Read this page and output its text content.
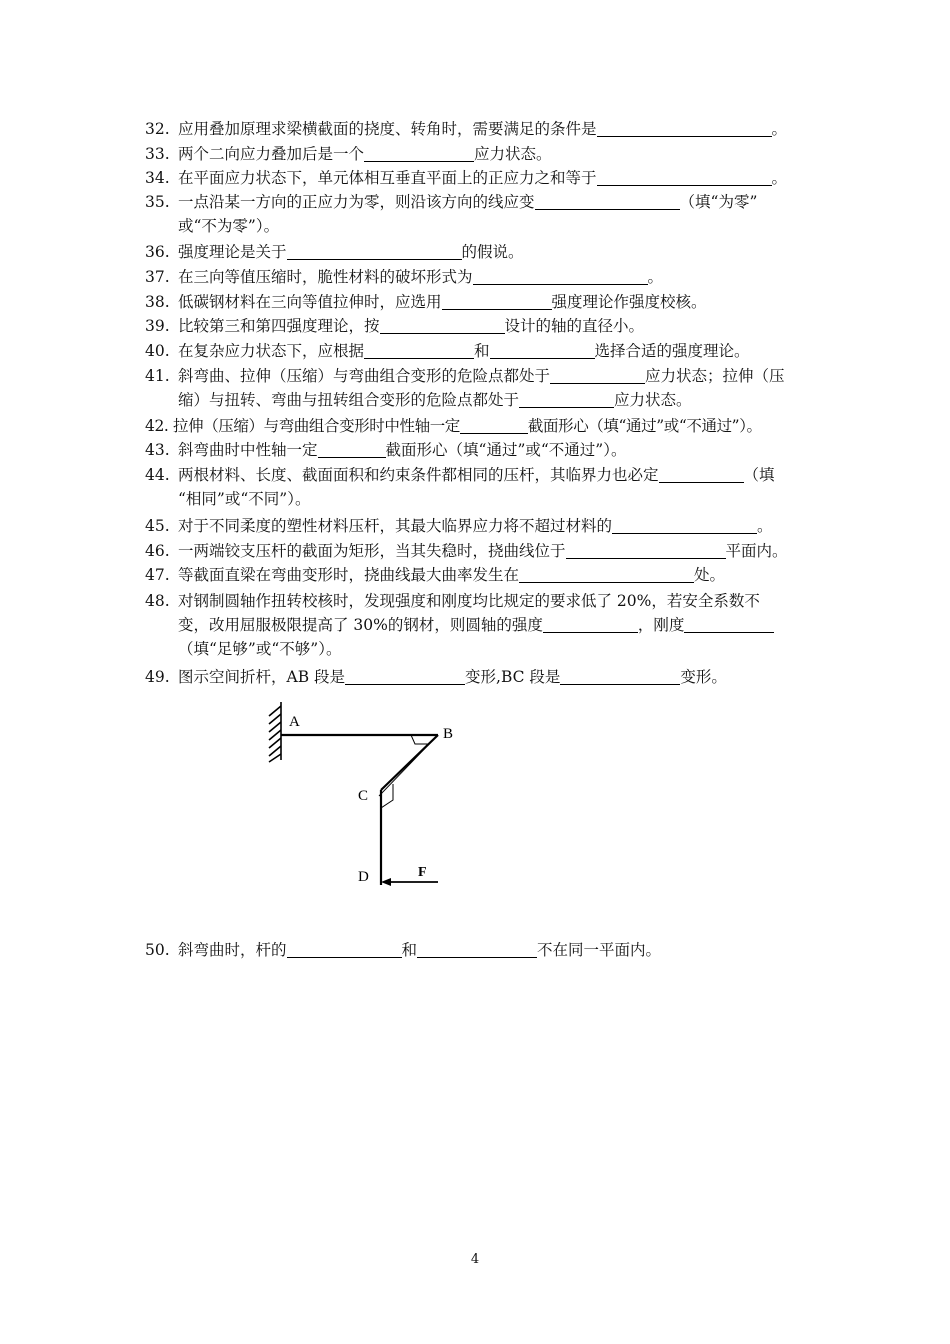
32. 应用叠加原理求梁横截面的挠度、转角时，需要满足的条件是	。
33. 两个二向应力叠加后是一个	应力状态。
34. 在平面应力状态下，单元体相互垂直平面上的正应力之和等于	。
35. 一点沿某一方向的正应力为零，则沿该方向的线应变	（填“为零”
或“不为零”）。
36. 强度理论是关于	的假说。
37. 在三向等值压缩时，脆性材料的破坏形式为	。
38. 低碳钢材料在三向等值拉伸时，应选用	强度理论作强度校核。
39. 比较第三和第四强度理论，按	设计的轴的直径小。
40. 在复杂应力状态下，应根据	和	选择合适的强度理论。
41. 斜弯曲、拉伸（压缩）与弯曲组合变形的危险点都处于	应力状态；拉伸（压
缩）与扭转、弯曲与扭转组合变形的危险点都处于	应力状态。
42. 拉伸（压缩）与弯曲组合变形时中性轴一定	截面形心（填“通过”或“不通过”）。
43. 斜弯曲时中性轴一定	截面形心（填“通过”或“不通过”）。
44. 两根材料、长度、截面面积和约束条件都相同的压杆，其临界力也必定	（填
“相同”或“不同”）。
45. 对于不同柔度的塑性材料压杆，其最大临界应力将不超过材料的	。
46. 一两端铰支压杆的截面为矩形，当其失稳时，挠曲线位于	平面内。
47. 等截面直梁在弯曲变形时，挠曲线最大曲率发生在	处。
48. 对钢制圆轴作扭转校核时，发现强度和刚度均比规定的要求低了 20%，若安全系数不
变，改用屈服极限提高了 30%的钢材，则圆轴的强度	，刚度
（填“足够”或“不够”）。
49. 图示空间折杆，AB 段是	变形,BC 段是	变形。
A
B
C
D	F
50. 斜弯曲时，杆的	和	不在同一平面内。
4
